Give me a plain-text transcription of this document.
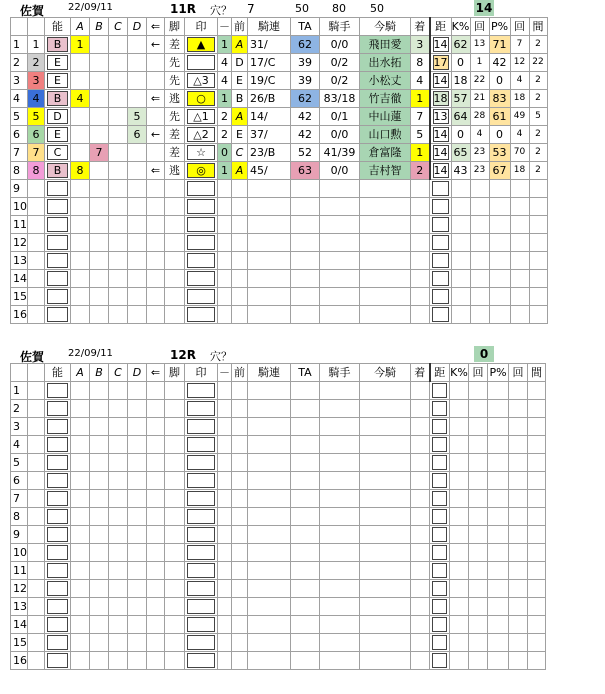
佐賀 22/09/11	11R 穴？ 7	50 80 50	14
		能	A	B	C	D	⇐	脚	印	－	前	騎連	TA	騎手	今騎	着	距	K%	回	P%	回	間
1	1	B	1				←	差	▲	1	A	31/	62	0/0	飛田愛	3	14	62	13	71	7	2
2	2	E						先		4	D	17/C	39	0/2	出水拓	8	17	0	1	42	12	22
3	3	E						先	△3	4	E	19/C	39	0/2	小松丈	4	14	18	22	0	4	2
4	4	B	4				⇐	逃	○	1	B	26/B	62	83/18	竹吉徹	1	18	57	21	83	18	2
5	5	D				5		先	△1	2	A	14/	42	0/1	中山蓮	7	13	64	28	61	49	5
6	6	E				6	←	差	△2	2	E	37/	42	0/0	山口勲	5	14	0	4	0	4	2
7	7	C		7				差	☆	0	C	23/B	52	41/39	倉富隆	1	14	65	23	53	70	2
8	8	B	8				⇐	逃	◎	1	A	45/	63	0/0	吉村智	2	14	43	23	67	18	2
9		

10		

11		

12		

13		

14		

15		

16		

佐賀 22/09/11	12R 穴？	0
		能	A	B	C	D	⇐	脚	印	－	前	騎連	TA	騎手	今騎	着	距	K%	回	P%	回	間
1		

2		

3		

4		

5		

6		

7		

8		

9		

10		

11		

12		

13		

14		

15		

16		
